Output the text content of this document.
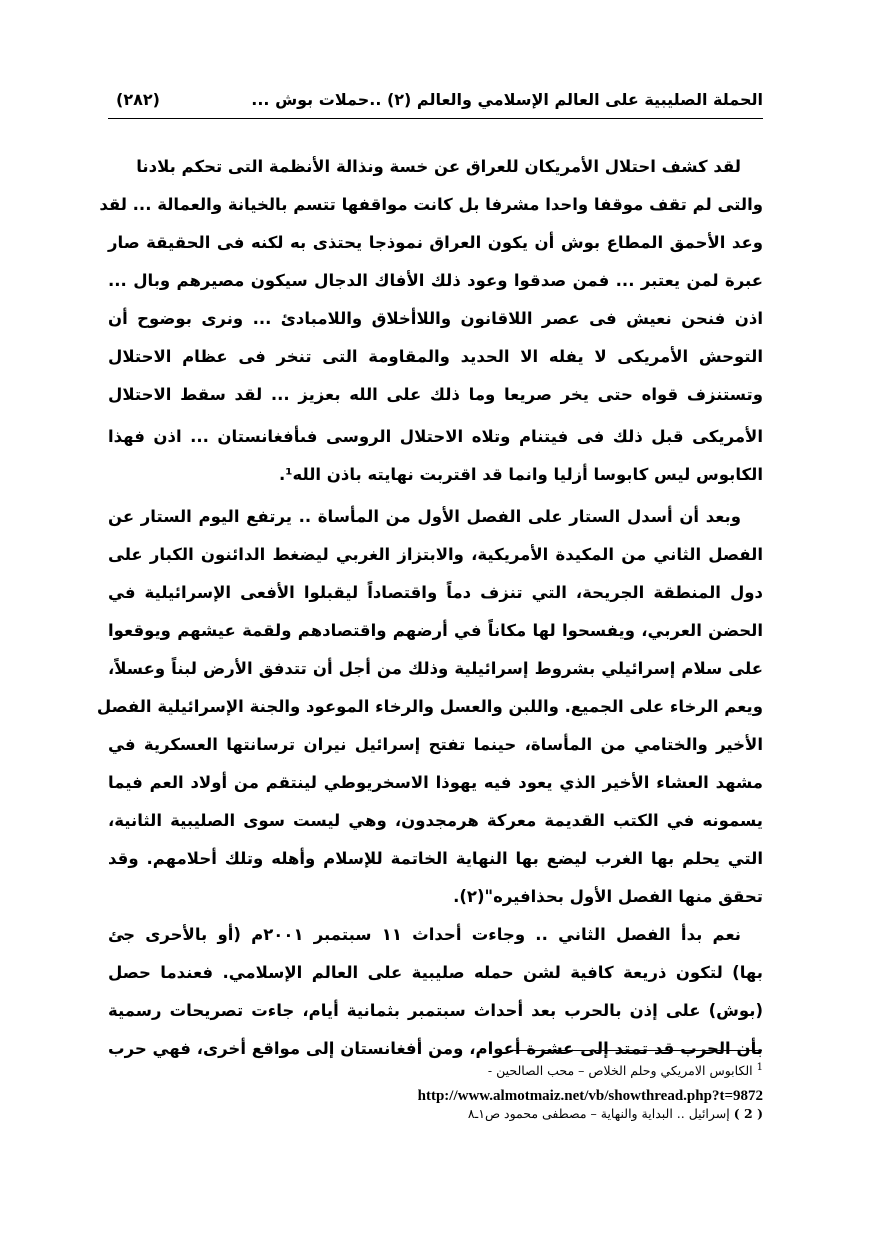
الحملة الصليبية على العالم الإسلامي والعالم (٢) ..حملات بوش ...
(٢٨٢)
لقد كشف احتلال الأمريكان للعراق عن خسة ونذالة الأنظمة التى تحكم بلادنا
والتى لم تقف موقفا واحدا مشرفا بل كانت مواقفها تتسم بالخيانة والعمالة ... لقد
وعد الأحمق المطاع بوش أن يكون العراق نموذجا يحتذى به لكنه فى الحقيقة صار
عبرة لمن يعتبر ... فمن صدقوا وعود ذلك الأفاك الدجال سيكون مصيرهم وبال ...
اذن فنحن نعيش فى عصر اللاقانون واللاأخلاق واللامبادئ ... ونرى بوضوح أن
التوحش الأمريكى لا يفله الا الحديد والمقاومة التى تنخر فى عظام الاحتلال
وتستنزف قواه حتى يخر صريعا وما ذلك على الله بعزيز ... لقد سقط الاحتلال
الأمريكى قبل ذلك فى فيتنام وتلاه الاحتلال الروسى فىأفغانستان ... اذن فهذا
الكابوس ليس كابوسا أزليا وانما قد اقتربت نهايته باذن الله¹.
وبعد أن أسدل الستار على الفصل الأول من المأساة .. يرتفع اليوم الستار عن
الفصل الثاني من المكيدة الأمريكية، والابتزاز الغربي ليضغط الدائنون الكبار على
دول المنطقة الجريحة، التي تنزف دماً واقتصاداً ليقبلوا الأفعى الإسرائيلية في
الحضن العربي، ويفسحوا لها مكاناً في أرضهم واقتصادهم ولقمة عيشهم ويوقعوا
على سلام إسرائيلي بشروط إسرائيلية وذلك من أجل أن تتدفق الأرض لبناً وعسلاً،
ويعم الرخاء على الجميع. واللبن والعسل والرخاء الموعود والجنة الإسرائيلية الفصل
الأخير والختامي من المأساة، حينما تفتح إسرائيل نيران ترسانتها العسكرية في
مشهد العشاء الأخير الذي يعود فيه يهوذا الاسخريوطي لينتقم من أولاد العم فيما
يسمونه في الكتب القديمة معركة هرمجدون، وهي ليست سوى الصليبية الثانية،
التي يحلم بها الغرب ليضع بها النهاية الخاتمة للإسلام وأهله وتلك أحلامهم. وقد
تحقق منها الفصل الأول بحذافيره"(٢).
نعم بدأ الفصل الثاني .. وجاءت أحداث ١١ سبتمبر ٢٠٠١م (أو بالأحرى جئ
بها) لتكون ذريعة كافية لشن حمله صليبية على العالم الإسلامي. فعندما حصل
(بوش) على إذن بالحرب بعد أحداث سبتمبر بثمانية أيام، جاءت تصريحات رسمية
بأن الحرب قد تمتد إلى عشرة أعوام، ومن أفغانستان إلى مواقع أخرى، فهي حرب
$^1$ الكابوس الامريكي وحلم الخلاص – محب الصالحين -
http://www.almotmaiz.net/vb/showthread.php?t=9872
( 2 ) إسرائيل .. البداية والنهاية – مصطفى محمود ص١ـ٨
